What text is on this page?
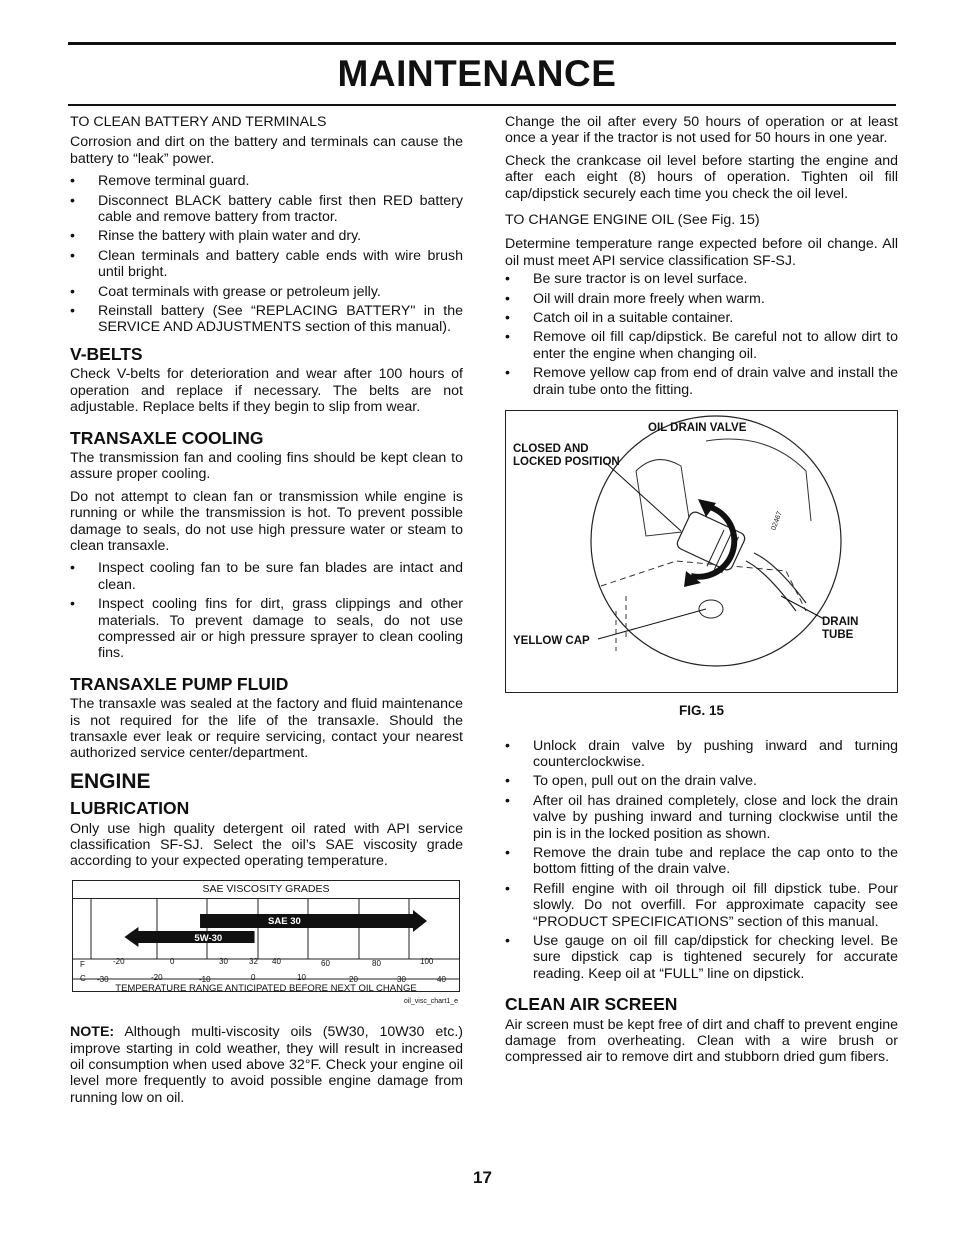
MAINTENANCE

TO CLEAN BATTERY AND TERMINALS

Corrosion and dirt on the battery and terminals can cause the battery to “leak” power.

• Remove terminal guard.
• Disconnect BLACK battery cable first then RED battery cable and remove battery from tractor.
• Rinse the battery with plain water and dry.
• Clean terminals and battery cable ends with wire brush until bright.
• Coat terminals with grease or petroleum jelly.
• Reinstall battery (See “REPLACING BATTERY" in the SERVICE AND ADJUSTMENTS section of this manual).
V-BELTS

Check V-belts for deterioration and wear after 100 hours of operation and replace if necessary. The belts are not adjustable. Replace belts if they begin to slip from wear.

TRANSAXLE COOLING

The transmission fan and cooling fins should be kept clean to assure proper cooling.

Do not attempt to clean fan or transmission while engine is running or while the transmission is hot. To prevent possible damage to seals, do not use high pressure water or steam to clean transaxle.

• Inspect cooling fan to be sure fan blades are intact and clean.
• Inspect cooling fins for dirt, grass clippings and other materials. To prevent damage to seals, do not use compressed air or high pressure sprayer to clean cooling fins.
TRANSAXLE PUMP FLUID

The transaxle was sealed at the factory and fluid maintenance is not required for the life of the transaxle. Should the transaxle ever leak or require servicing, contact your nearest authorized service center/department.

ENGINE
LUBRICATION

Only use high quality detergent oil rated with API service classification SF-SJ. Select the oil’s SAE viscosity grade according to your expected operating temperature.

SAE VISCOSITY GRADES
5W-30
SAE 30
F
C
-20	0	30	32 40	60	80	100
-30	-20	-10	0	10	20	30	40
TEMPERATURE RANGE ANTICIPATED BEFORE NEXT OIL CHANGE
oil_visc_chart1_e

NOTE: Although multi-viscosity oils (5W30, 10W30 etc.) improve starting in cold weather, they will result in increased oil consumption when used above 32°F. Check your engine oil level more frequently to avoid possible engine damage from running low on oil.

Change the oil after every 50 hours of operation or at least once a year if the tractor is not used for 50 hours in one year.

Check the crankcase oil level before starting the engine and after each eight (8) hours of operation. Tighten oil fill cap/dipstick securely each time you check the oil level.

TO CHANGE ENGINE OIL (See Fig. 15)

Determine temperature range expected before oil change. All oil must meet API service classification SF-SJ.

• Be sure tractor is on level surface.
• Oil will drain more freely when warm.
• Catch oil in a suitable container.
• Remove oil fill cap/dipstick. Be careful not to allow dirt to enter the engine when changing oil.
• Remove yellow cap from end of drain valve and install the drain tube onto the fitting.
OIL DRAIN VALVE
CLOSED AND
LOCKED POSITION
YELLOW CAP
DRAIN
TUBE
02467
FIG. 15
• Unlock drain valve by pushing inward and turning counterclockwise.
• To open, pull out on the drain valve.
• After oil has drained completely, close and lock the drain valve by pushing inward and turning clockwise until the pin is in the locked position as shown.
• Remove the drain tube and replace the cap onto to the bottom fitting of the drain valve.
• Refill engine with oil through oil fill dipstick tube. Pour slowly. Do not overfill. For approximate capacity see “PRODUCT SPECIFICATIONS” section of this manual.
• Use gauge on oil fill cap/dipstick for checking level. Be sure dipstick cap is tightened securely for accurate reading. Keep oil at “FULL” line on dipstick.
CLEAN AIR SCREEN

Air screen must be kept free of dirt and chaff to prevent engine damage from overheating. Clean with a wire brush or compressed air to remove dirt and stubborn dried gum fibers.

17
